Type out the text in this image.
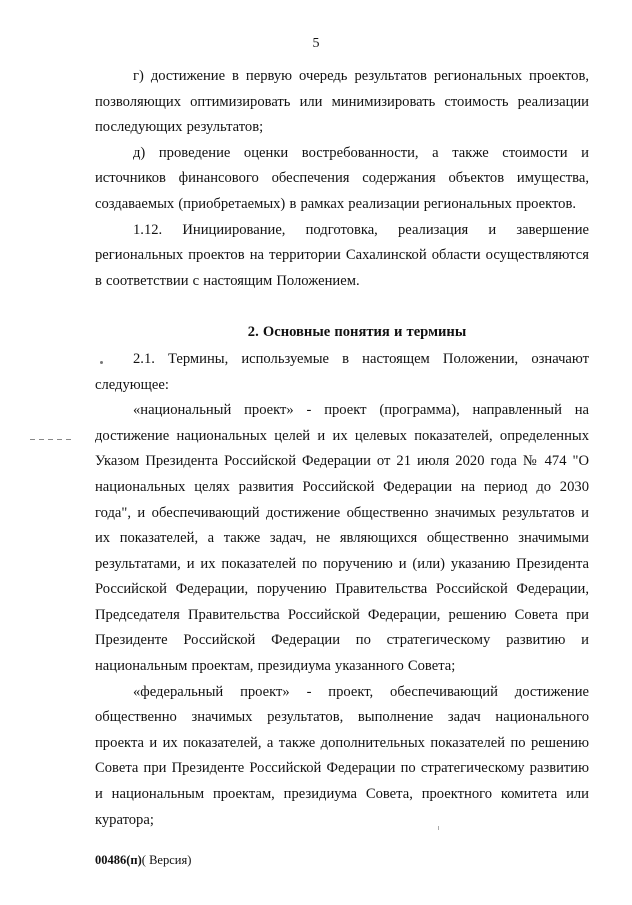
5

г) достижение в первую очередь результатов региональных проектов, позволяющих оптимизировать или минимизировать стоимость реализации последующих результатов;

д) проведение оценки востребованности, а также стоимости и источников финансового обеспечения содержания объектов имущества, создаваемых (приобретаемых) в рамках реализации региональных проектов.

1.12. Инициирование, подготовка, реализация и завершение региональных проектов на территории Сахалинской области осуществляются в соответствии с настоящим Положением.

2. Основные понятия и термины

2.1. Термины, используемые в настоящем Положении, означают следующее:

«национальный проект» - проект (программа), направленный на достижение национальных целей и их целевых показателей, определенных Указом Президента Российской Федерации от 21 июля 2020 года № 474 "О национальных целях развития Российской Федерации на период до 2030 года", и обеспечивающий достижение общественно значимых результатов и их показателей, а также задач, не являющихся общественно значимыми результатами, и их показателей по поручению и (или) указанию Президента Российской Федерации, поручению Правительства Российской Федерации, Председателя Правительства Российской Федерации, решению Совета при Президенте Российской Федерации по стратегическому развитию и национальным проектам, президиума указанного Совета;

«федеральный проект» - проект, обеспечивающий достижение общественно значимых результатов, выполнение задач национального проекта и их показателей, а также дополнительных показателей по решению Совета при Президенте Российской Федерации по стратегическому развитию и национальным проектам, президиума Совета, проектного комитета или куратора;

00486(п)( Версия)
